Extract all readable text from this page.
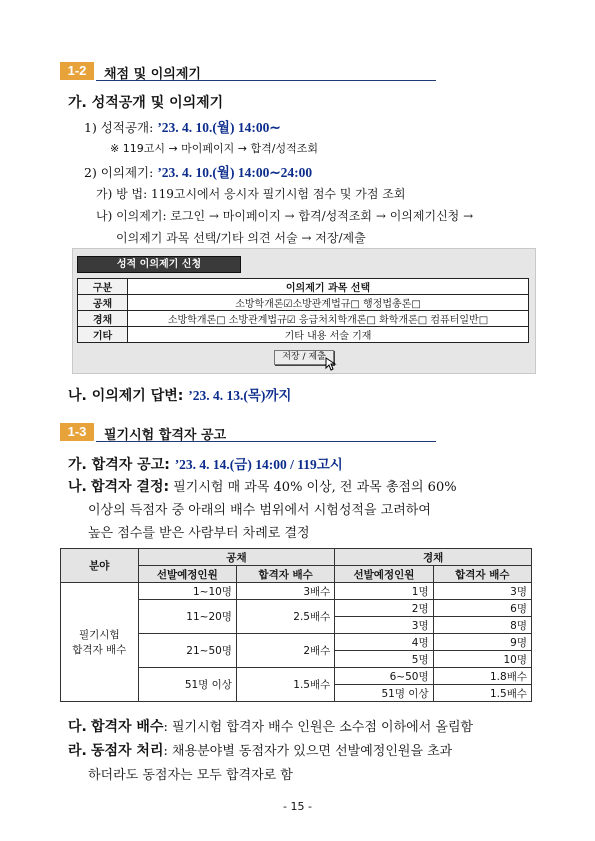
1-2	채점 및 이의제기
가. 성적공개 및 이의제기
1) 성적공개: ’23. 4. 10.(월) 14:00∼
※ 119고시 → 마이페이지 → 합격/성적조회
2) 이의제기: ’23. 4. 10.(월) 14:00∼24:00
가) 방 법: 119고시에서 응시자 필기시험 점수 및 가점 조회
나) 이의제기: 로그인 → 마이페이지 → 합격/성적조회 → 이의제기신청 →
이의제기 과목 선택/기타 의견 서술 → 저장/제출
성적 이의제기 신청
구분	이의제기 과목 선택
공채	소방학개론☑소방관계법규□ 행정법총론□
경채	소방학개론□ 소방관계법규☑ 응급처치학개론□ 화학개론□ 컴퓨터일반□
기타	기타 내용 서술 기재
저장 / 제출
나. 이의제기 답변: ’23. 4. 13.(목)까지
1-3	필기시험 합격자 공고
가. 합격자 공고: ’23. 4. 14.(금) 14:00 / 119고시
나. 합격자 결정: 필기시험 매 과목 40% 이상, 전 과목 총점의 60%
이상의 득점자 중 아래의 배수 범위에서 시험성적을 고려하여
높은 점수를 받은 사람부터 차례로 결정
분야	공채		경채	
	선발예정인원	합격자 배수	선발예정인원	합격자 배수
필기시험
합격자 배수	1~10명	3배수	1명	3명
	11~20명	2.5배수	2명	6명
			3명	8명
	21~50명	2배수	4명	9명
			5명	10명
	51명 이상	1.5배수	6~50명	1.8배수
			51명 이상	1.5배수
다. 합격자 배수: 필기시험 합격자 배수 인원은 소수점 이하에서 올림함
라. 동점자 처리: 채용분야별 동점자가 있으면 선발예정인원을 초과
하더라도 동점자는 모두 합격자로 함
- 15 -
